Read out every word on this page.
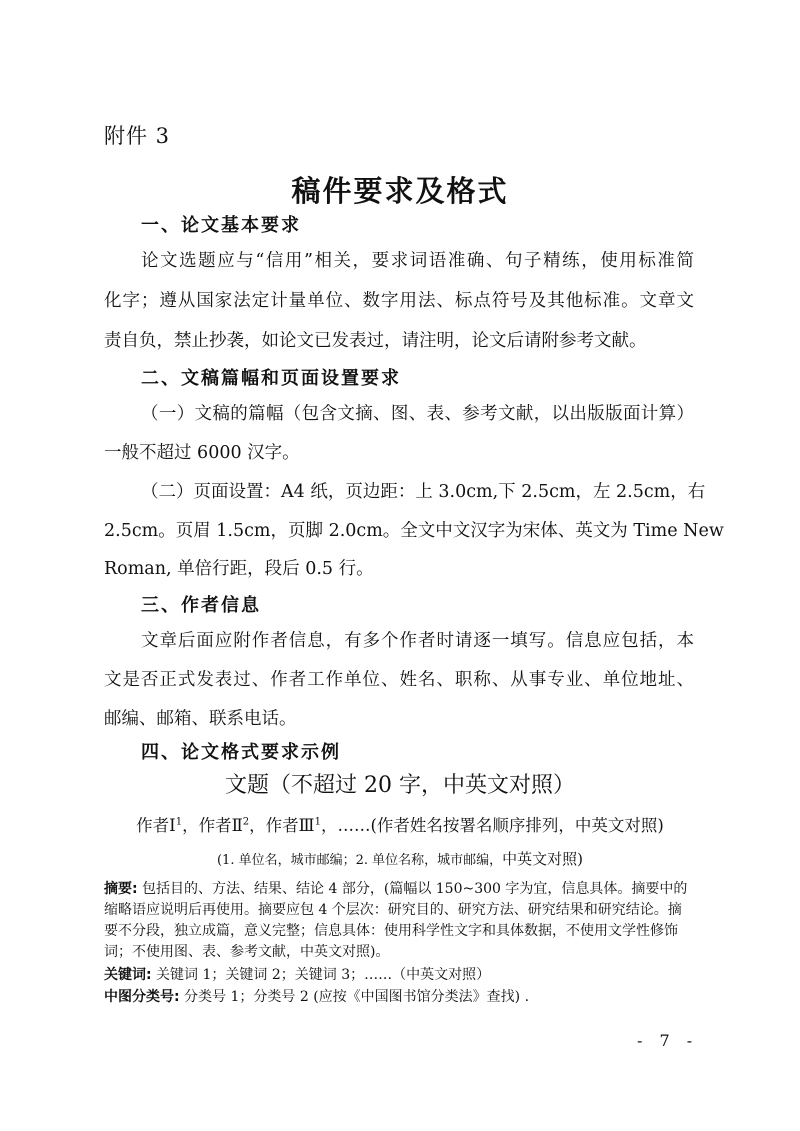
附件 3
稿件要求及格式
一、论文基本要求
论文选题应与“信用”相关，要求词语准确、句子精练，使用标准简
化字；遵从国家法定计量单位、数字用法、标点符号及其他标准。文章文
责自负，禁止抄袭，如论文已发表过，请注明，论文后请附参考文献。
二、文稿篇幅和页面设置要求
（一）文稿的篇幅（包含文摘、图、表、参考文献，以出版版面计算）
一般不超过 6000 汉字。
（二）页面设置：A4 纸，页边距：上 3.0cm,下 2.5cm，左 2.5cm，右
2.5cm。页眉 1.5cm，页脚 2.0cm。全文中文汉字为宋体、英文为 Time New
Roman, 单倍行距，段后 0.5 行。
三、作者信息
文章后面应附作者信息，有多个作者时请逐一填写。信息应包括，本
文是否正式发表过、作者工作单位、姓名、职称、从事专业、单位地址、
邮编、邮箱、联系电话。
四、论文格式要求示例
文题（不超过 20 字，中英文对照）
作者Ⅰ$^1$，作者Ⅱ$^2$，作者Ⅲ$^1$，……(作者姓名按署名顺序排列，中英文对照)
(1. 单位名，城市邮编；2. 单位名称，城市邮编，中英文对照)
摘要: 包括目的、方法、结果、结论 4 部分，(篇幅以 150~300 字为宜，信息具体。摘要中的缩略语应说明后再使用。摘要应包 4 个层次：研究目的、研究方法、研究结果和研究结论。摘要不分段，独立成篇，意义完整；信息具体：使用科学性文字和具体数据，不使用文学性修饰词；不使用图、表、参考文献，中英文对照)。
关键词: 关键词 1；关键词 2；关键词 3；……（中英文对照）
中图分类号: 分类号 1；分类号 2 (应按《中国图书馆分类法》查找) .
- 7 -
